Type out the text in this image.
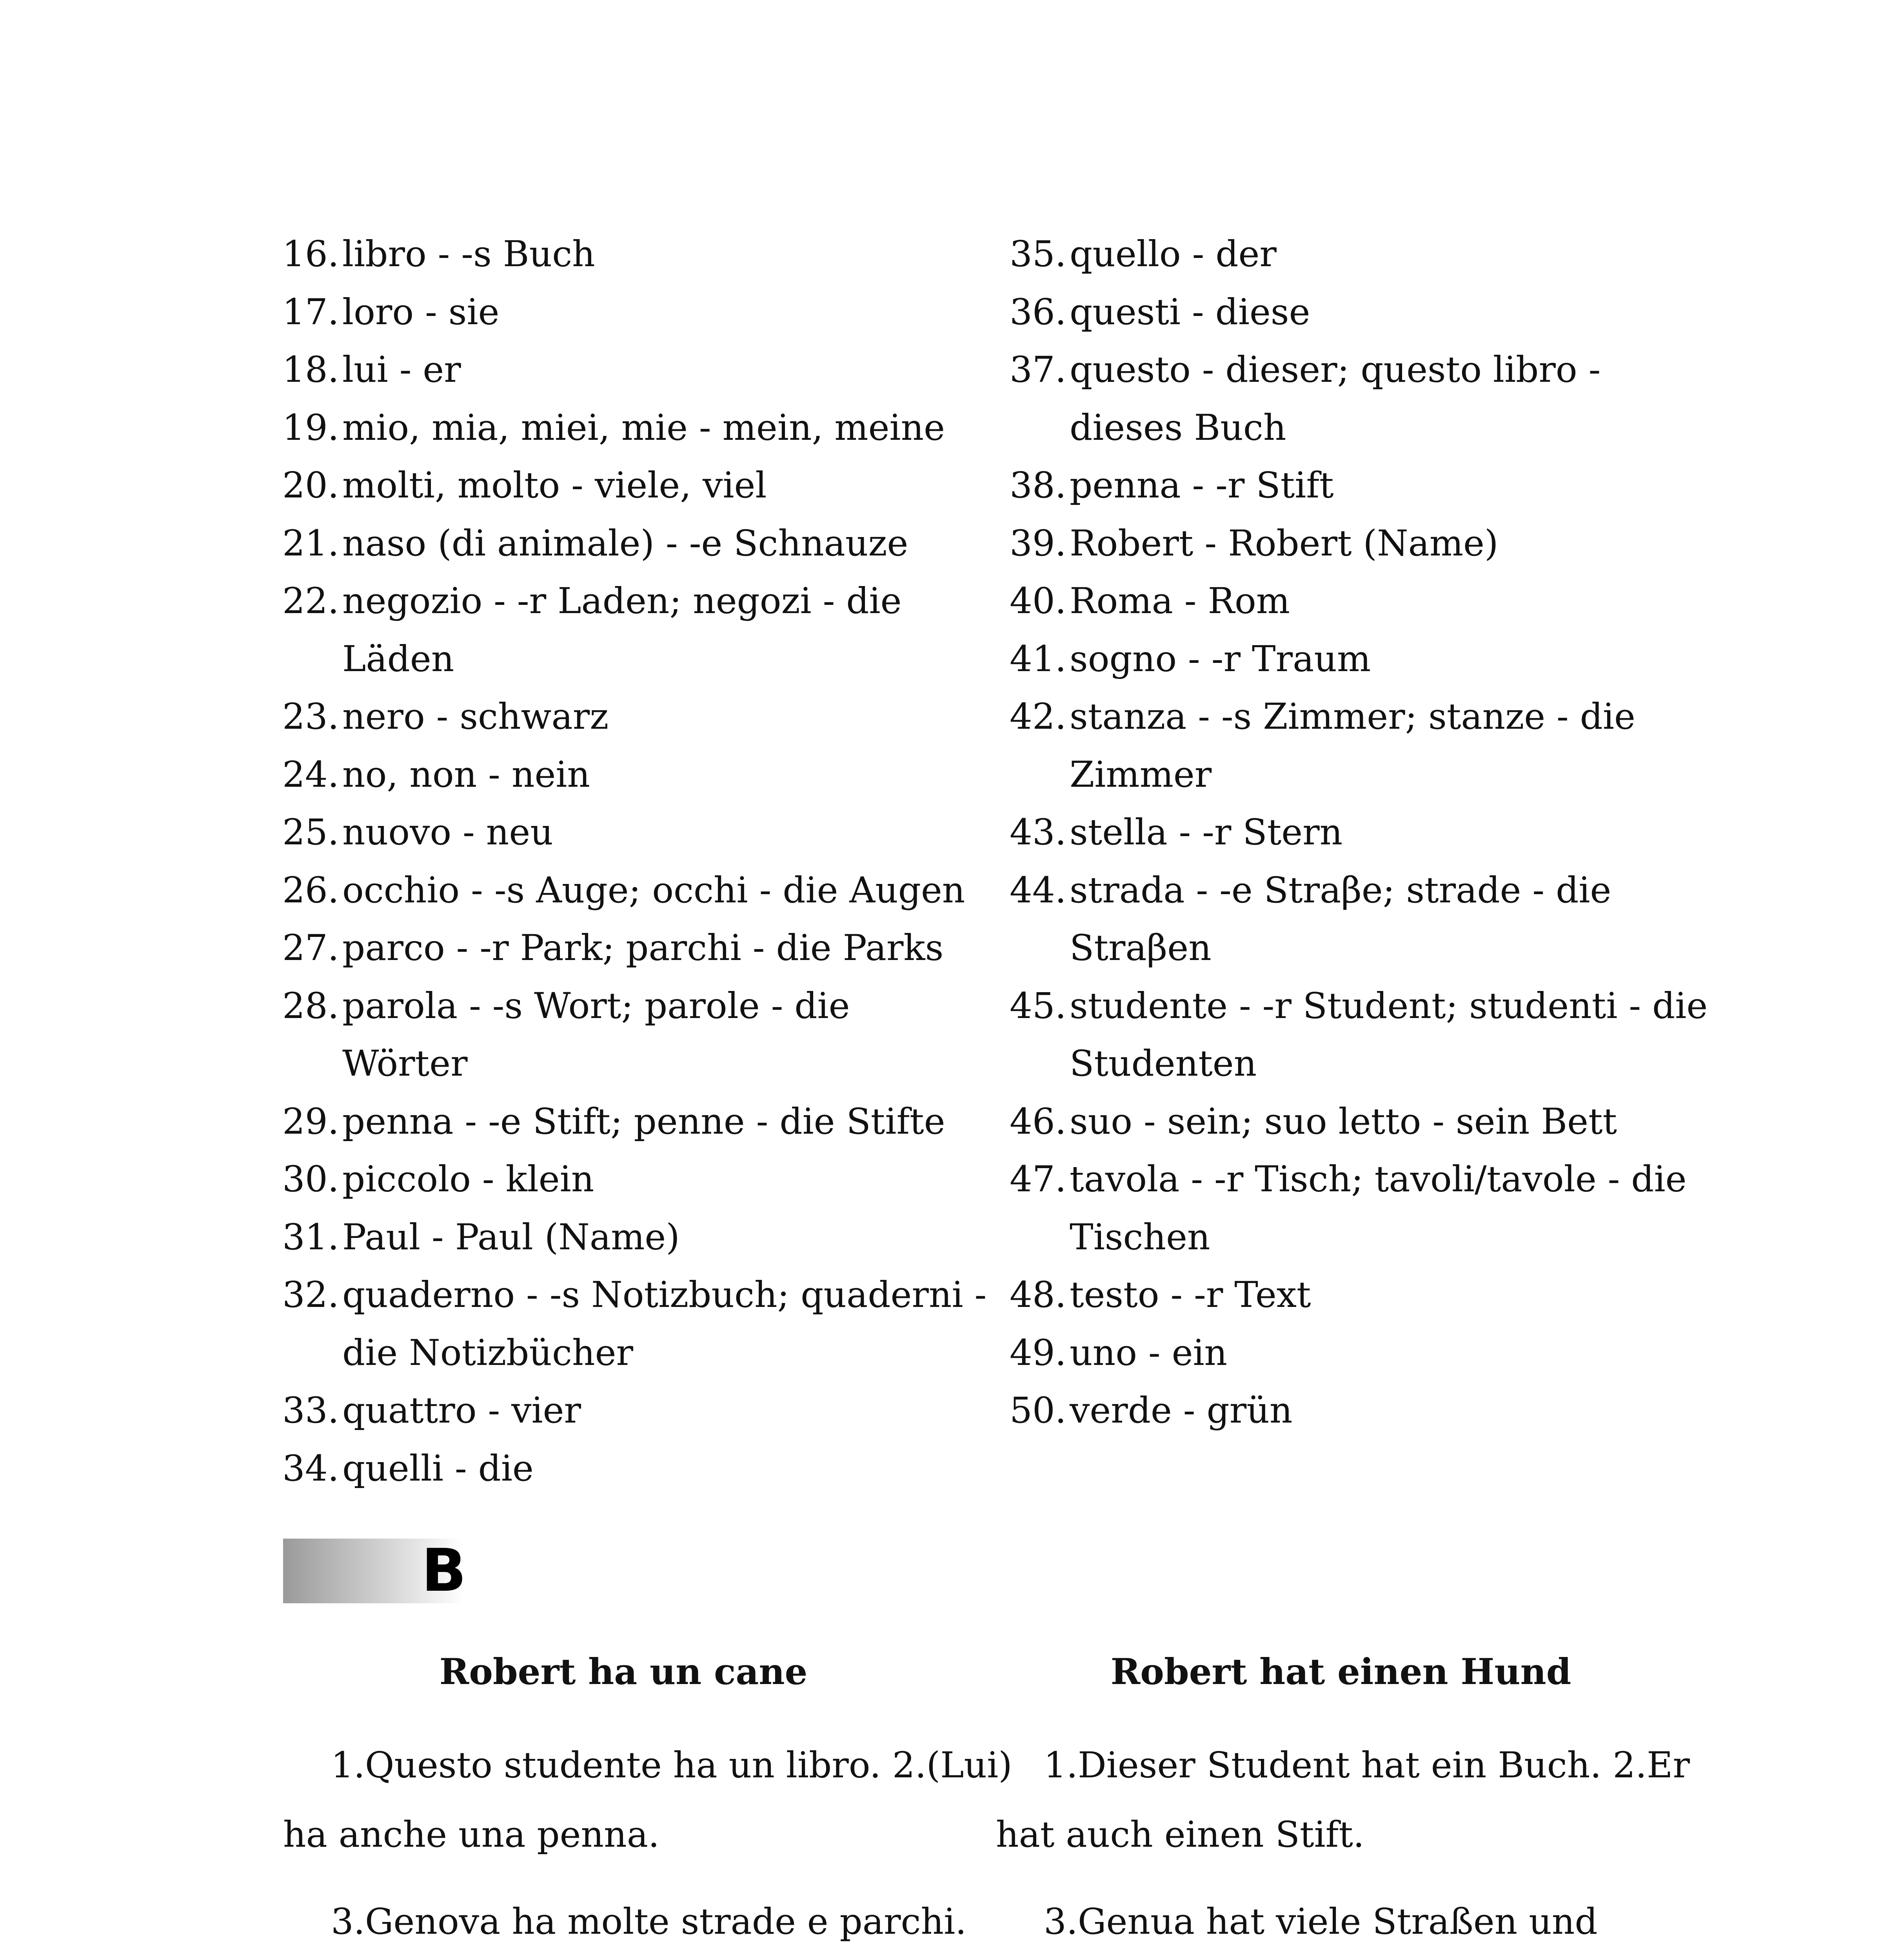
16. libro - -s Buch
17. loro - sie
18. lui - er
19. mio, mia, miei, mie - mein, meine
20. molti, molto - viele, viel
21. naso (di animale) - -e Schnauze
22. negozio - -r Laden; negozi - die
Läden
23. nero - schwarz
24. no, non - nein
25. nuovo - neu
26. occhio - -s Auge; occhi - die Augen
27. parco - -r Park; parchi - die Parks
28. parola - -s Wort; parole - die
Wörter
29. penna - -e Stift; penne - die Stifte
30. piccolo - klein
31. Paul - Paul (Name)
32. quaderno - -s Notizbuch; quaderni -
die Notizbücher
33. quattro - vier
34. quelli - die
35. quello - der
36. questi - diese
37. questo - dieser; questo libro -
dieses Buch
38. penna - -r Stift
39. Robert - Robert (Name)
40. Roma - Rom
41. sogno - -r Traum
42. stanza - -s Zimmer; stanze - die
Zimmer
43. stella - -r Stern
44. strada - -e Straβe; strade - die
Straβen
45. studente - -r Student; studenti - die
Studenten
46. suo - sein; suo letto - sein Bett
47. tavola - -r Tisch; tavoli/tavole - die
Tischen
48. testo - -r Text
49. uno - ein
50. verde - grün
B
Robert ha un cane	Robert hat einen Hund

1.Questo studente ha un libro. 2.(Lui)
ha anche una penna.

3.Genova ha molte strade e parchi.

1.Dieser Student hat ein Buch. 2.Er
hat auch einen Stift.

3.Genua hat viele Straßen und
